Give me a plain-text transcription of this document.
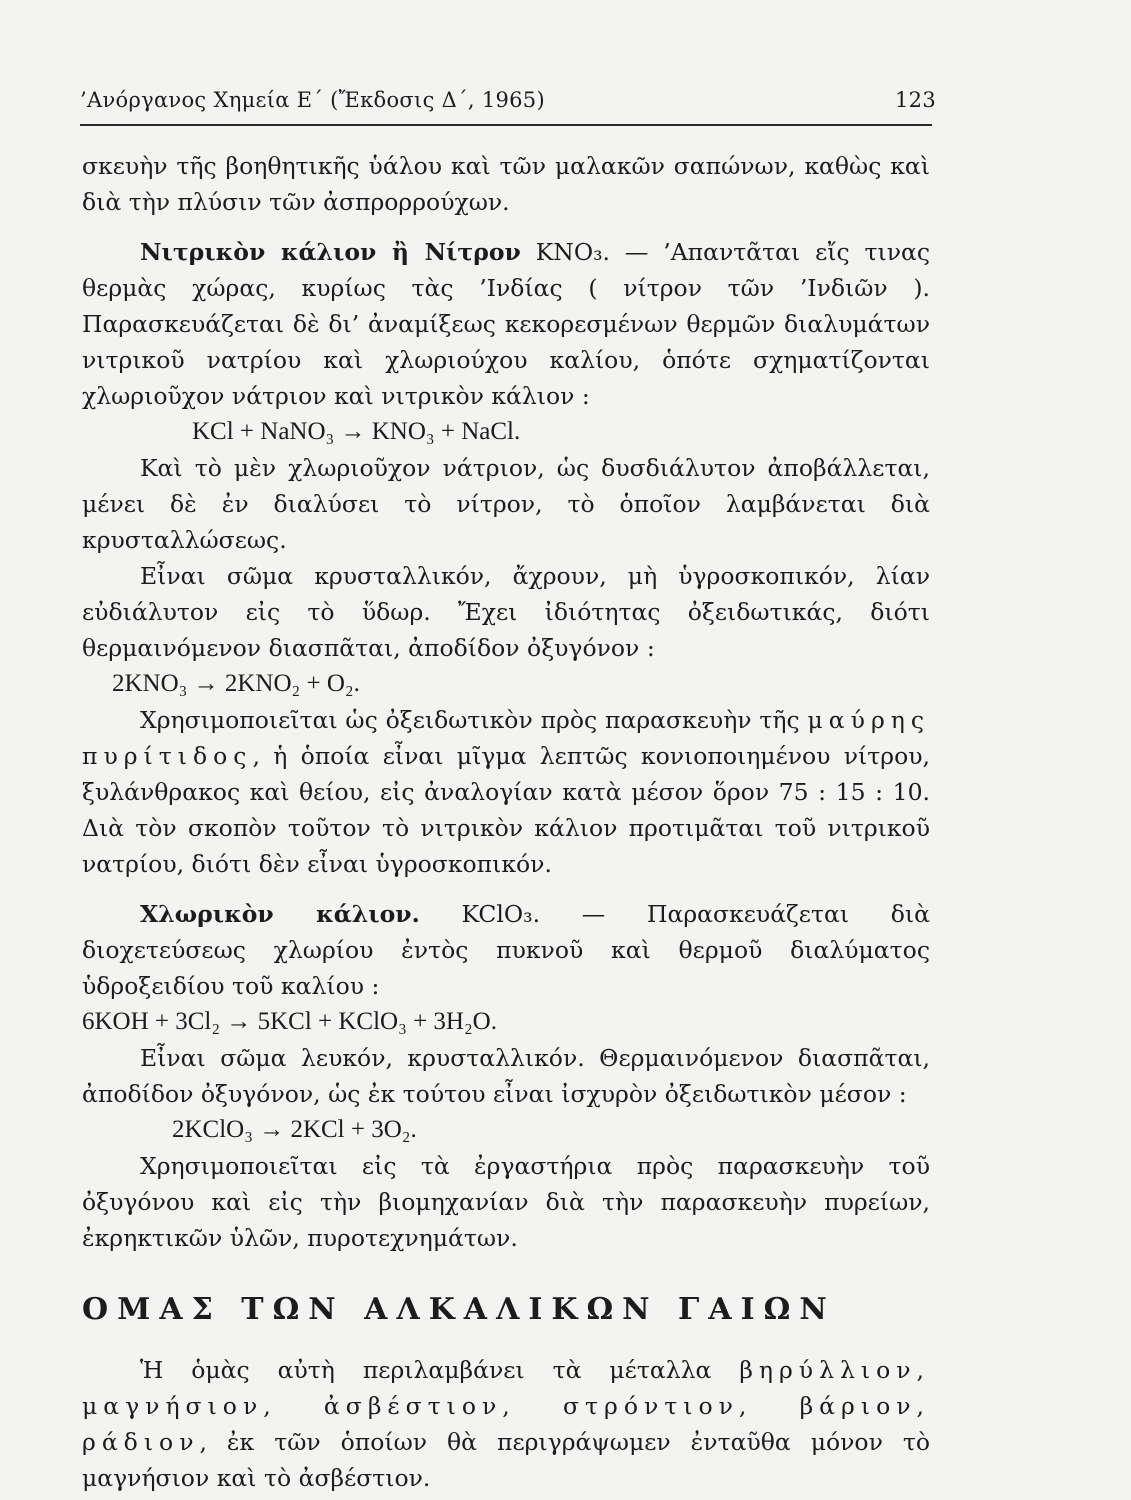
’Ανόργανος Χημεία Ε΄ (Ἔκδοσις Δ΄, 1965)	123

σκευὴν τῆς βοηθητικῆς ὑάλου καὶ τῶν μαλακῶν σαπώνων, καθὼς καὶ διὰ τὴν πλύσιν τῶν ἀσπρορρούχων.

Νιτρικὸν κάλιον ἢ Νίτρον KNO₃. — ’Απαντᾶται εἴς τινας θερμὰς χώρας, κυρίως τὰς ’Ινδίας ( νίτρον τῶν ’Ινδιῶν ). Παρασκευάζεται δὲ δι’ ἀναμίξεως κεκορεσμένων θερμῶν διαλυμάτων νιτρικοῦ νατρίου καὶ χλωριούχου καλίου, ὁπότε σχηματίζονται χλωριοῦχον νάτριον καὶ νιτρικὸν κάλιον :

KCl + NaNO₃ → KNO₃ + NaCl.

Καὶ τὸ μὲν χλωριοῦχον νάτριον, ὡς δυσδιάλυτον ἀποβάλλεται, μένει δὲ ἐν διαλύσει τὸ νίτρον, τὸ ὁποῖον λαμβάνεται διὰ κρυσταλλώσεως.

Εἶναι σῶμα κρυσταλλικόν, ἄχρουν, μὴ ὑγροσκοπικόν, λίαν εὐδιάλυτον εἰς τὸ ὕδωρ. Ἔχει ἰδιότητας ὀξειδωτικάς, διότι θερμαινόμενον διασπᾶται, ἀποδίδον ὀξυγόνον :

2KNO₃ → 2KNO₂ + O₂.

Χρησιμοποιεῖται ὡς ὀξειδωτικὸν πρὸς παρασκευὴν τῆς μαύρης πυρίτιδος, ἡ ὁποία εἶναι μῖγμα λεπτῶς κονιοποιημένου νίτρου, ξυλάνθρακος καὶ θείου, εἰς ἀναλογίαν κατὰ μέσον ὅρον 75 : 15 : 10. Διὰ τὸν σκοπὸν τοῦτον τὸ νιτρικὸν κάλιον προτιμᾶται τοῦ νιτρικοῦ νατρίου, διότι δὲν εἶναι ὑγροσκοπικόν.

Χλωρικὸν κάλιον. KClO₃. — Παρασκευάζεται διὰ διοχετεύσεως χλωρίου ἐντὸς πυκνοῦ καὶ θερμοῦ διαλύματος ὑδροξειδίου τοῦ καλίου :

6KOH + 3Cl₂ → 5KCl + KClO₃ + 3H₂O.

Εἶναι σῶμα λευκόν, κρυσταλλικόν. Θερμαινόμενον διασπᾶται, ἀποδίδον ὀξυγόνον, ὡς ἐκ τούτου εἶναι ἰσχυρὸν ὀξειδωτικὸν μέσον :

2KClO₃ → 2KCl + 3O₂.

Χρησιμοποιεῖται εἰς τὰ ἐργαστήρια πρὸς παρασκευὴν τοῦ ὀξυγόνου καὶ εἰς τὴν βιομηχανίαν διὰ τὴν παρασκευὴν πυρείων, ἐκρηκτικῶν ὑλῶν, πυροτεχνημάτων.

ΟΜΑΣ ΤΩΝ ΑΛΚΑΛΙΚΩΝ ΓΑΙΩΝ

Ἡ ὁμὰς αὐτὴ περιλαμβάνει τὰ μέταλλα βηρύλλιον, μαγνήσιον, ἀσβέστιον, στρόντιον, βάριον, ράδιον, ἐκ τῶν ὁποίων θὰ περιγράψωμεν ἐνταῦθα μόνον τὸ μαγνήσιον καὶ τὸ ἀσβέστιον.
